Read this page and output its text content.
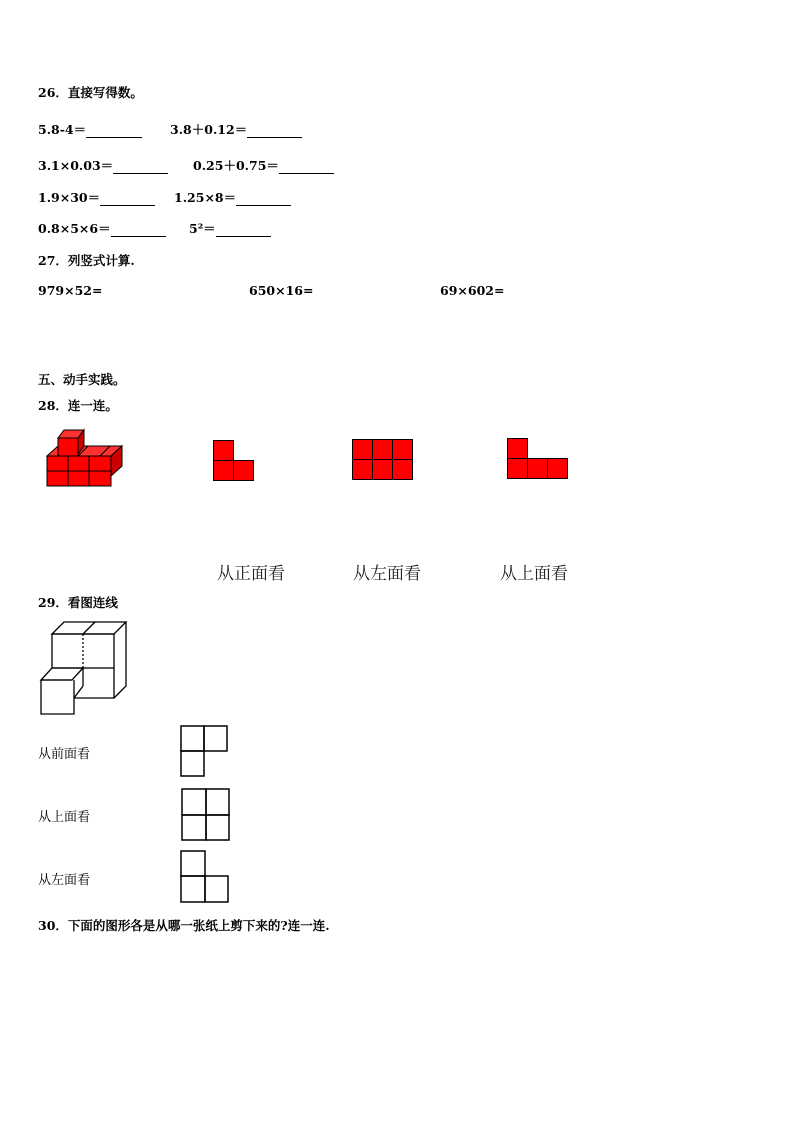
26．直接写得数。
5.8-4＝	3.8＋0.12＝
3.1×0.03＝	0.25＋0.75＝
1.9×30＝	1.25×8＝
0.8×5×6＝	5²＝
27．列竖式计算.
979×52=	650×16=	69×602=
五、动手实践。
28．连一连。
从正面看	从左面看	从上面看
29．看图连线
从前面看
从上面看
从左面看
30．下面的图形各是从哪一张纸上剪下来的?连一连.
